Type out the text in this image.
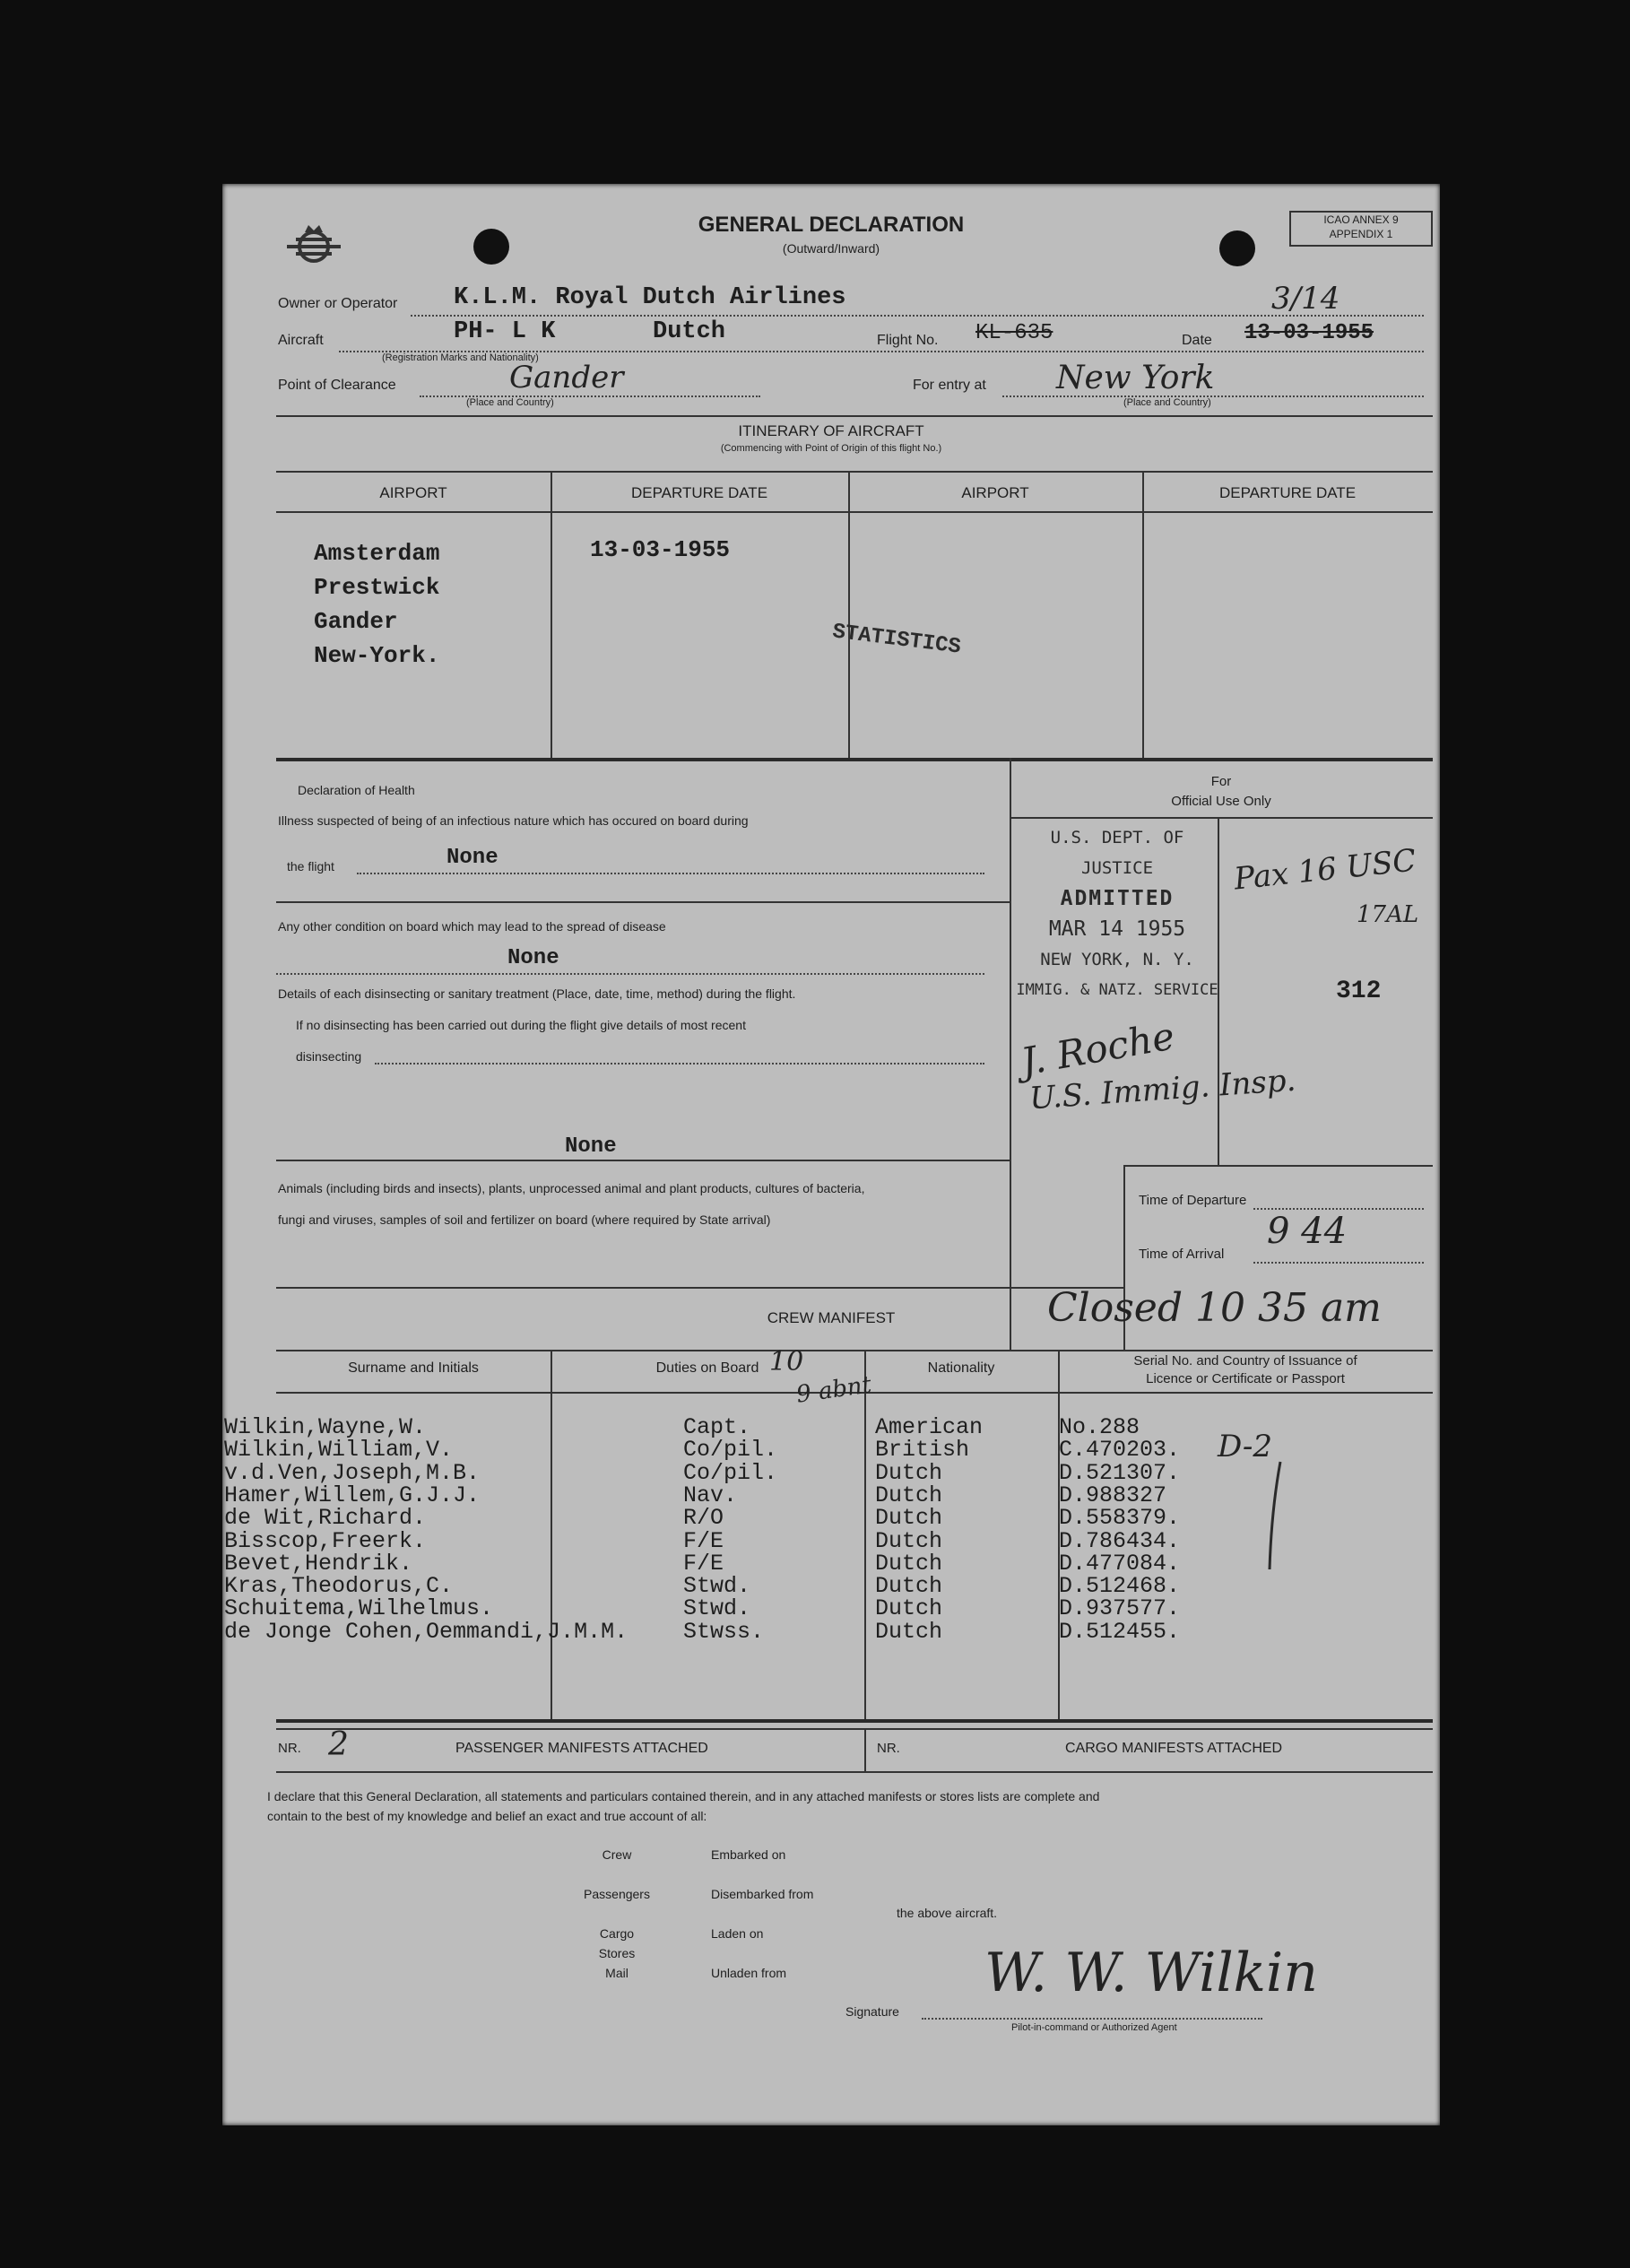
GENERAL DECLARATION
(Outward/Inward)
ICAO ANNEX 9
APPENDIX 1
Owner or Operator K.L.M. Royal Dutch Airlines
Aircraft	PH- L K	Dutch
(Registration Marks and Nationality)
Flight No. KL-635	Date 13-03-1955
3/14
Point of Clearance	Gander
(Place and Country)
For entry at New York
(Place and Country)
ITINERARY OF AIRCRAFT
(Commencing with Point of Origin of this flight No.)
AIRPORT	DEPARTURE DATE	AIRPORT	DEPARTURE DATE
Amsterdam
Prestwick
Gander
New-York.
13-03-1955
STATISTICS
For
Official Use Only
Declaration of Health
Illness suspected of being of an infectious nature which has occured on board during
the flight	None
Any other condition on board which may lead to the spread of disease
None
Details of each disinsecting or sanitary treatment (Place, date, time, method) during the flight.
If no disinsecting has been carried out during the flight give details of most recent
disinsecting
None
U.S. DEPT. OF JUSTICE
ADMITTED
MAR 14 1955
NEW YORK, N. Y.
IMMIG. & NATZ. SERVICE
Pax 16 USC
17AL
312
J. Roche
U.S. Immig. Insp.
Animals (including birds and insects), plants, unprocessed animal and plant products, cultures of bacteria,
fungi and viruses, samples of soil and fertilizer on board (where required by State arrival)
Time of Departure
Time of Arrival
9 44
CREW MANIFEST	Closed 10 35 am
Surname and Initials	Duties on Board	Nationality	Serial No. and Country of Issuance of
Licence or Certificate or Passport
10
9 abnt
D-2
Wilkin,Wayne,W.	Capt.	American	No.288
Wilkin,William,V.	Co/pil.	British	C.470203.
v.d.Ven,Joseph,M.B.	Co/pil.	Dutch	D.521307.
Hamer,Willem,G.J.J.	Nav.	Dutch	D.988327
de Wit,Richard.	R/O	Dutch	D.558379.
Bisscop,Freerk.	F/E	Dutch	D.786434.
Bevet,Hendrik.	F/E	Dutch	D.477084.
Kras,Theodorus,C.	Stwd.	Dutch	D.512468.
Schuitema,Wilhelmus.	Stwd.	Dutch	D.937577.
de Jonge Cohen,Oemmandi,J.M.M. Stwss.	Dutch	D.512455.
NR. 2	PASSENGER MANIFESTS ATTACHED	NR.	CARGO MANIFESTS ATTACHED
I declare that this General Declaration, all statements and particulars contained therein, and in any attached manifests or stores lists are complete and
contain to the best of my knowledge and belief an exact and true account of all:
Crew
Passengers
Cargo
Stores
Mail
Embarked on
Disembarked from
Laden on
Unladen from
the above aircraft.
Signature
W. W. Wilkin
Pilot-in-command or Authorized Agent
